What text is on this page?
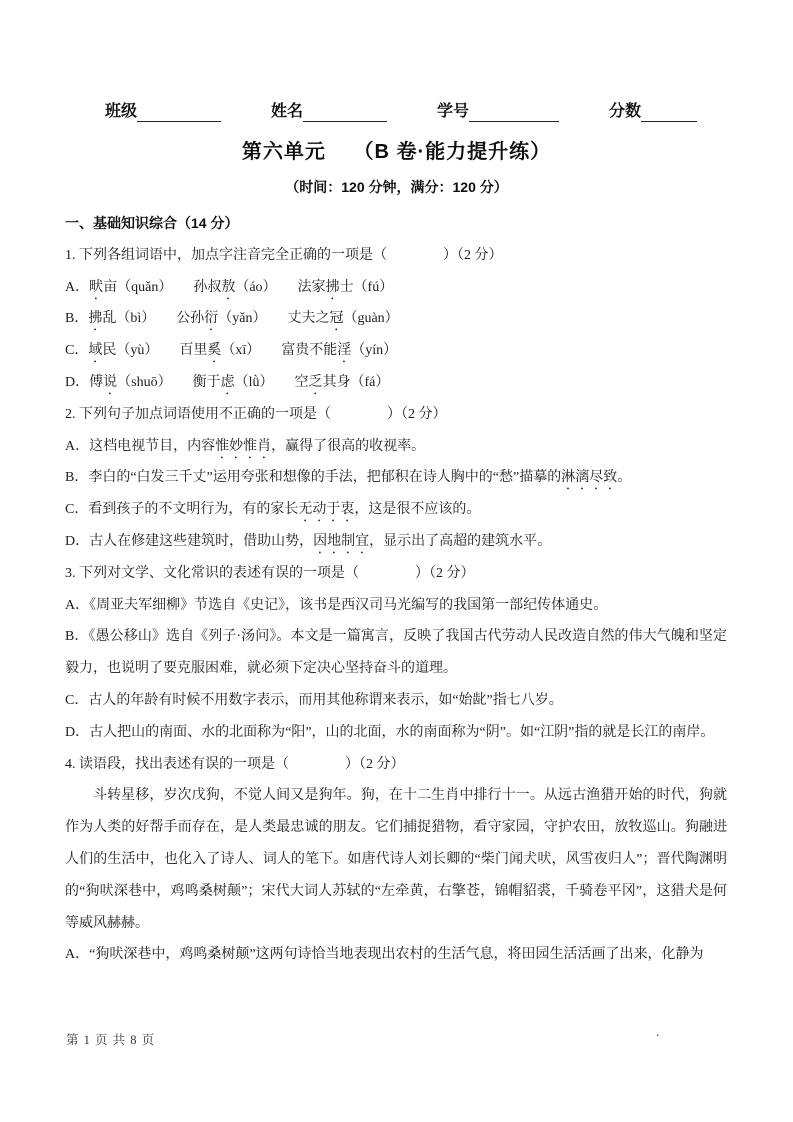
班级	姓名	学号	分数
第六单元　 （B 卷·能力提升练）
（时间：120 分钟，满分：120 分）

一、基础知识综合（14 分）

1. 下列各组词语中，加点字注音完全正确的一项是（　　　　）（2 分）

A．畎亩（quǎn）　　孙叔敖（áo）　　法家拂士（fú）

B．拂乱（bì）　　公孙衍（yǎn）　　丈夫之冠（guàn）

C．域民（yù）　　百里奚（xī）　　富贵不能淫（yín）

D．傅说（shuō）　　衡于虑（lǜ）　　空乏其身（fá）

2. 下列句子加点词语使用不正确的一项是（　　　　）（2 分）

A．这档电视节目，内容惟妙惟肖，赢得了很高的收视率。

B．李白的“白发三千丈”运用夸张和想像的手法，把郁积在诗人胸中的“愁”描摹的淋漓尽致。

C．看到孩子的不文明行为，有的家长无动于衷，这是很不应该的。

D．古人在修建这些建筑时，借助山势，因地制宜，显示出了高超的建筑水平。

3. 下列对文学、文化常识的表述有误的一项是（　　　　）（2 分）

A．《周亚夫军细柳》节选自《史记》，该书是西汉司马光编写的我国第一部纪传体通史。

B．《愚公移山》选自《列子·汤问》。本文是一篇寓言，反映了我国古代劳动人民改造自然的伟大气魄和坚定毅力，也说明了要克服困难，就必须下定决心坚持奋斗的道理。

C．古人的年龄有时候不用数字表示，而用其他称谓来表示，如“始龀”指七八岁。

D．古人把山的南面、水的北面称为“阳”，山的北面，水的南面称为“阴”。如“江阴”指的就是长江的南岸。

4. 读语段，找出表述有误的一项是（　　　　）（2 分）

斗转星移，岁次戊狗，不觉人间又是狗年。狗，在十二生肖中排行十一。从远古渔猎开始的时代，狗就作为人类的好帮手而存在，是人类最忠诚的朋友。它们捕捉猎物，看守家园，守护农田，放牧巡山。狗融进人们的生活中，也化入了诗人、词人的笔下。如唐代诗人刘长卿的“柴门闻犬吠，风雪夜归人”；晋代陶渊明的“狗吠深巷中，鸡鸣桑树颠”；宋代大词人苏轼的“左牵黄，右擎苍，锦帽貂裘，千骑卷平冈”，这猎犬是何等威风赫赫。

A．“狗吠深巷中，鸡鸣桑树颠”这两句诗恰当地表现出农村的生活气息，将田园生活活画了出来，化静为

第 1 页 共 8 页
.
